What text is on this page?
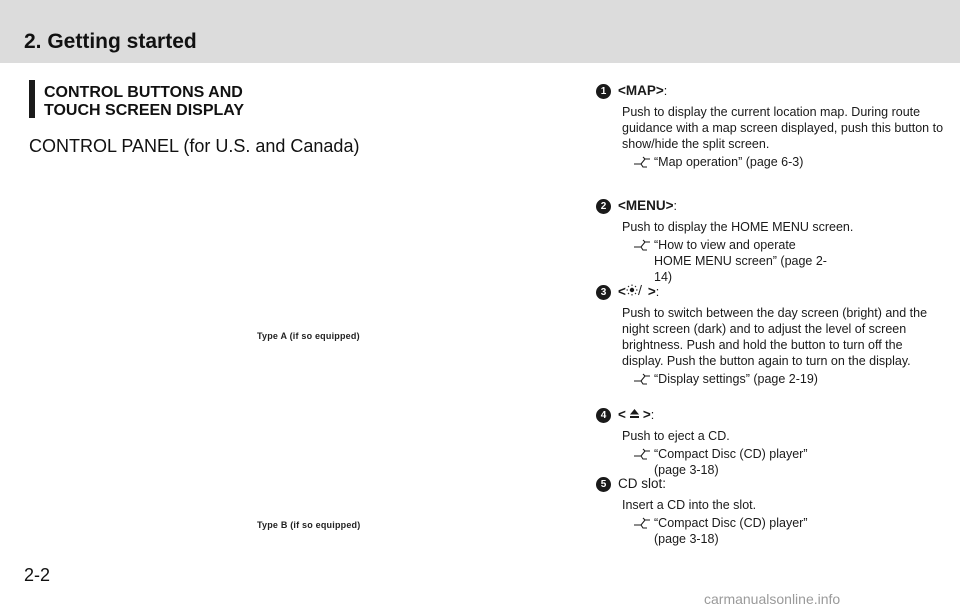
2. Getting started
CONTROL BUTTONS AND
TOUCH SCREEN DISPLAY
CONTROL PANEL (for U.S. and Canada)
Type A (if so equipped)
Type B (if so equipped)
1 <MAP> :
Push to display the current location map. During route guidance with a map screen displayed, push this button to show/hide the split screen.
“Map operation” (page 6-3)
2 <MENU> :
Push to display the HOME MENU screen.
“How to view and operate HOME MENU screen” (page 2-14)
3 < > :
Push to switch between the day screen (bright) and the night screen (dark) and to adjust the level of screen brightness. Push and hold the button to turn off the display. Push the button again to turn on the display.
“Display settings” (page 2-19)
4 < > :
Push to eject a CD.
“Compact Disc (CD) player”
(page 3-18)
5 CD slot:
Insert a CD into the slot.
“Compact Disc (CD) player”
(page 3-18)
2-2
carmanualsonline.info
